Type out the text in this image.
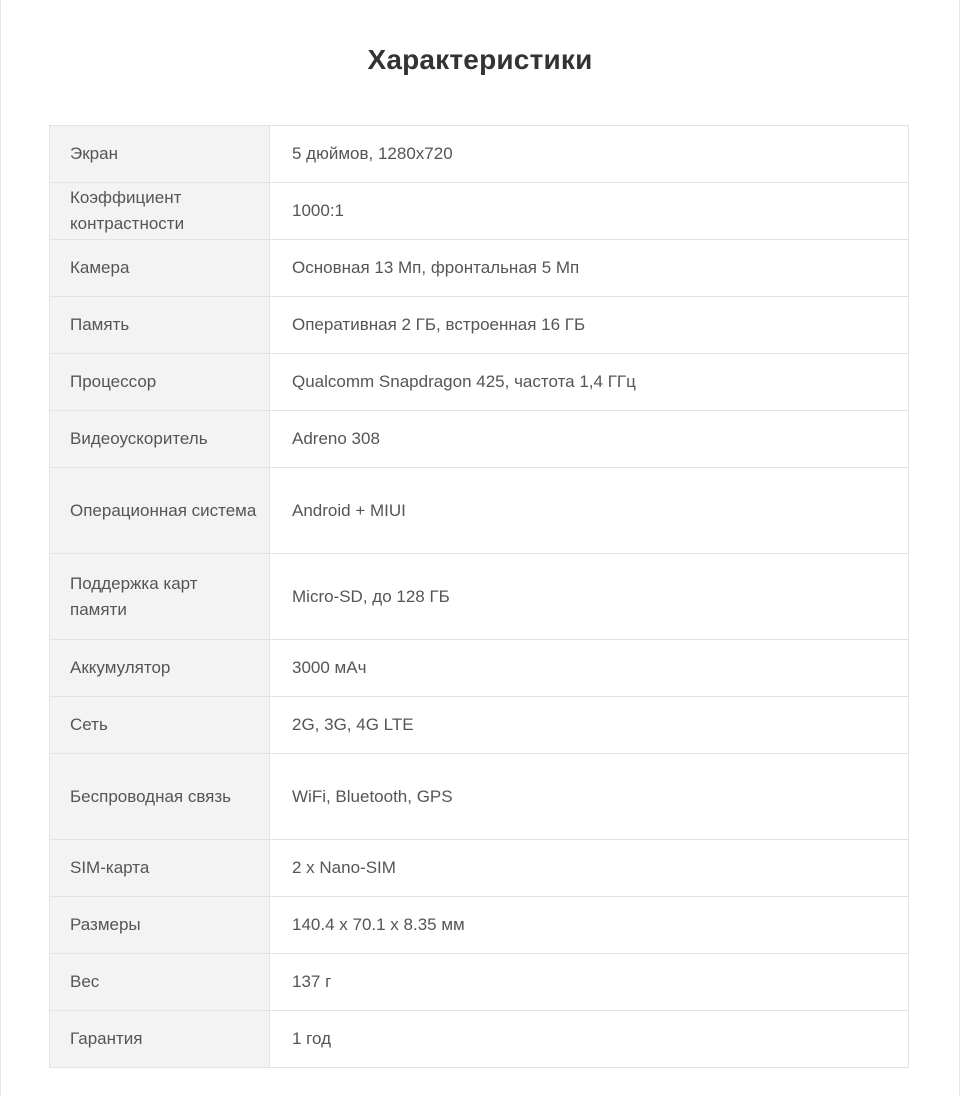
Характеристики
Экран	5 дюймов, 1280x720
Коэффициент контрастности	1000:1
Камера	Основная 13 Мп, фронтальная 5 Мп
Память	Оперативная 2 ГБ, встроенная 16 ГБ
Процессор	Qualcomm Snapdragon 425, частота 1,4 ГГц
Видеоускоритель	Adreno 308
Операционная система	Android + MIUI
Поддержка карт памяти	Micro-SD, до 128 ГБ
Аккумулятор	3000 мАч
Сеть	2G, 3G, 4G LTE
Беспроводная связь	WiFi, Bluetooth, GPS
SIM-карта	2 x Nano-SIM
Размеры	140.4 x 70.1 x 8.35 мм
Вес	137 г
Гарантия	1 год
